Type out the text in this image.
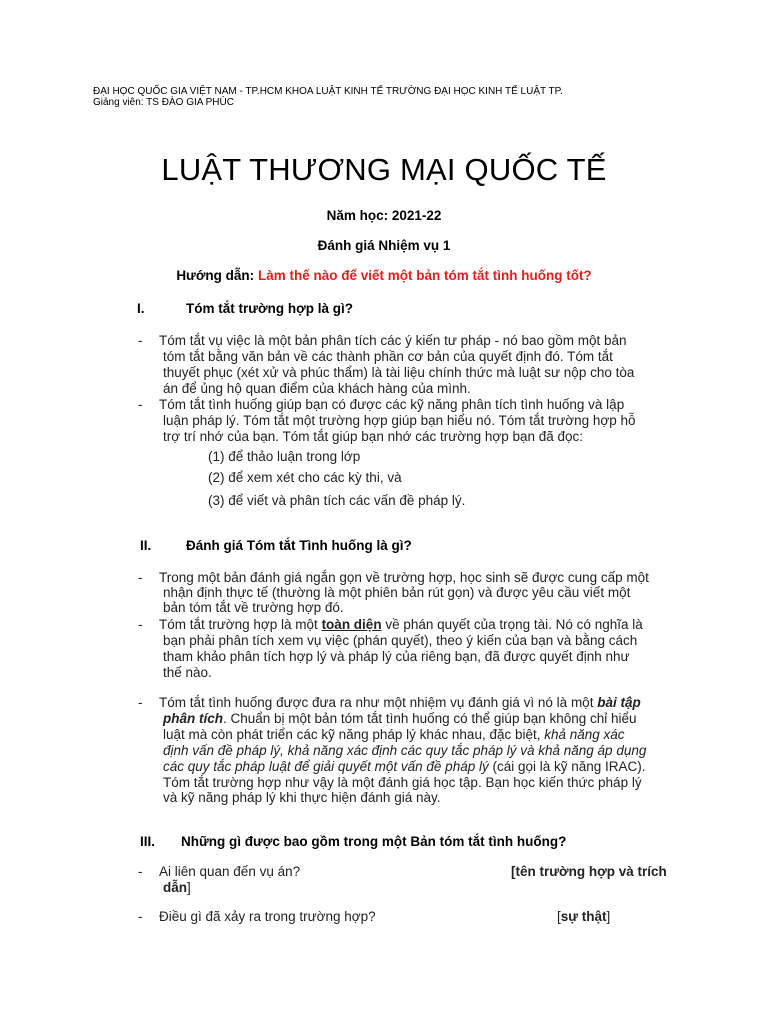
ĐẠI HỌC QUỐC GIA VIỆT NAM - TP.HCM KHOA LUẬT KINH TẾ TRƯỜNG ĐẠI HỌC KINH TẾ LUẬT TP.
Giảng viên: TS ĐÀO GIA PHÚC
LUẬT THƯƠNG MẠI QUỐC TẾ
Năm học: 2021-22
Đánh giá Nhiệm vụ 1
Hướng dẫn: Làm thế nào để viết một bản tóm tắt tình huống tốt?
I.	Tóm tắt trường hợp là gì?
- Tóm tắt vụ việc là một bản phân tích các ý kiến tư pháp - nó bao gồm một bản
tóm tắt bằng văn bản về các thành phần cơ bản của quyết định đó. Tóm tắt
thuyết phục (xét xử và phúc thẩm) là tài liệu chính thức mà luật sư nộp cho tòa
án để ủng hộ quan điểm của khách hàng của mình.
- Tóm tắt tình huống giúp bạn có được các kỹ năng phân tích tình huống và lập
luận pháp lý. Tóm tắt một trường hợp giúp bạn hiểu nó. Tóm tắt trường hợp hỗ
trợ trí nhớ của bạn. Tóm tắt giúp bạn nhớ các trường hợp bạn đã đọc:
(1) để thảo luận trong lớp
(2) để xem xét cho các kỳ thi, và
(3) để viết và phân tích các vấn đề pháp lý.
II.	Đánh giá Tóm tắt Tình huống là gì?
- Trong một bản đánh giá ngắn gọn về trường hợp, học sinh sẽ được cung cấp một
nhận định thực tế (thường là một phiên bản rút gọn) và được yêu cầu viết một
bản tóm tắt về trường hợp đó.
- Tóm tắt trường hợp là một toàn diện về phán quyết của trọng tài. Nó có nghĩa là
bạn phải phân tích xem vụ việc (phán quyết), theo ý kiến của bạn và bằng cách
tham khảo phân tích hợp lý và pháp lý của riêng bạn, đã được quyết định như
thế nào.
- Tóm tắt tình huống được đưa ra như một nhiệm vụ đánh giá vì nó là một bài tập
phân tích. Chuẩn bị một bản tóm tắt tình huống có thể giúp bạn không chỉ hiểu
luật mà còn phát triển các kỹ năng pháp lý khác nhau, đặc biệt, khả năng xác
định vấn đề pháp lý, khả năng xác định các quy tắc pháp lý và khả năng áp dụng
các quy tắc pháp luật để giải quyết một vấn đề pháp lý (cái gọi là kỹ năng IRAC).
Tóm tắt trường hợp như vậy là một đánh giá học tập. Bạn học kiến thức pháp lý
và kỹ năng pháp lý khi thực hiện đánh giá này.
III. Những gì được bao gồm trong một Bản tóm tắt tình huống?
- Ai liên quan đến vụ án?	[tên trường hợp và trích
dẫn]
- Điều gì đã xảy ra trong trường hợp?	[sự thật]
